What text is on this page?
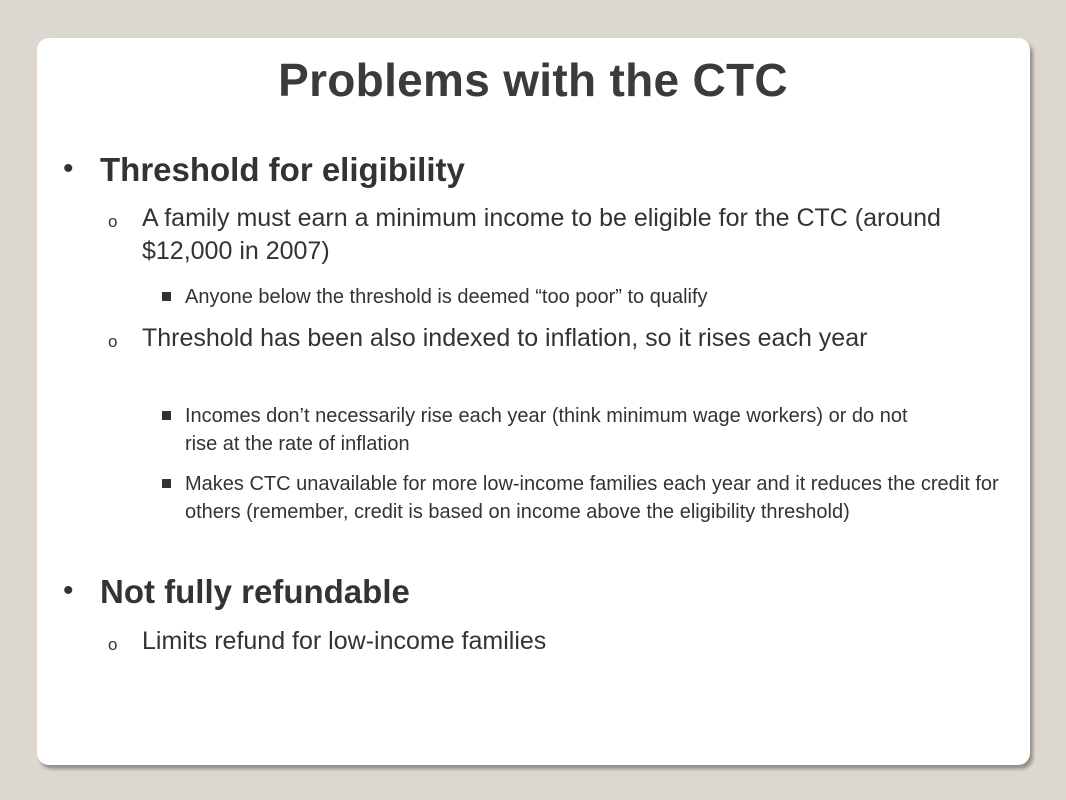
Problems with the CTC
• Threshold for eligibility
o A family must earn a minimum income to be eligible for the CTC (around $12,000 in 2007)
Anyone below the threshold is deemed “too poor” to qualify
o Threshold has been also indexed to inflation, so it rises each year
Incomes don’t necessarily rise each year (think minimum wage workers) or do not rise at the rate of inflation
Makes CTC unavailable for more low-income families each year and it reduces the credit for others (remember, credit is based on income above the eligibility threshold)
• Not fully refundable
o Limits refund for low-income families
